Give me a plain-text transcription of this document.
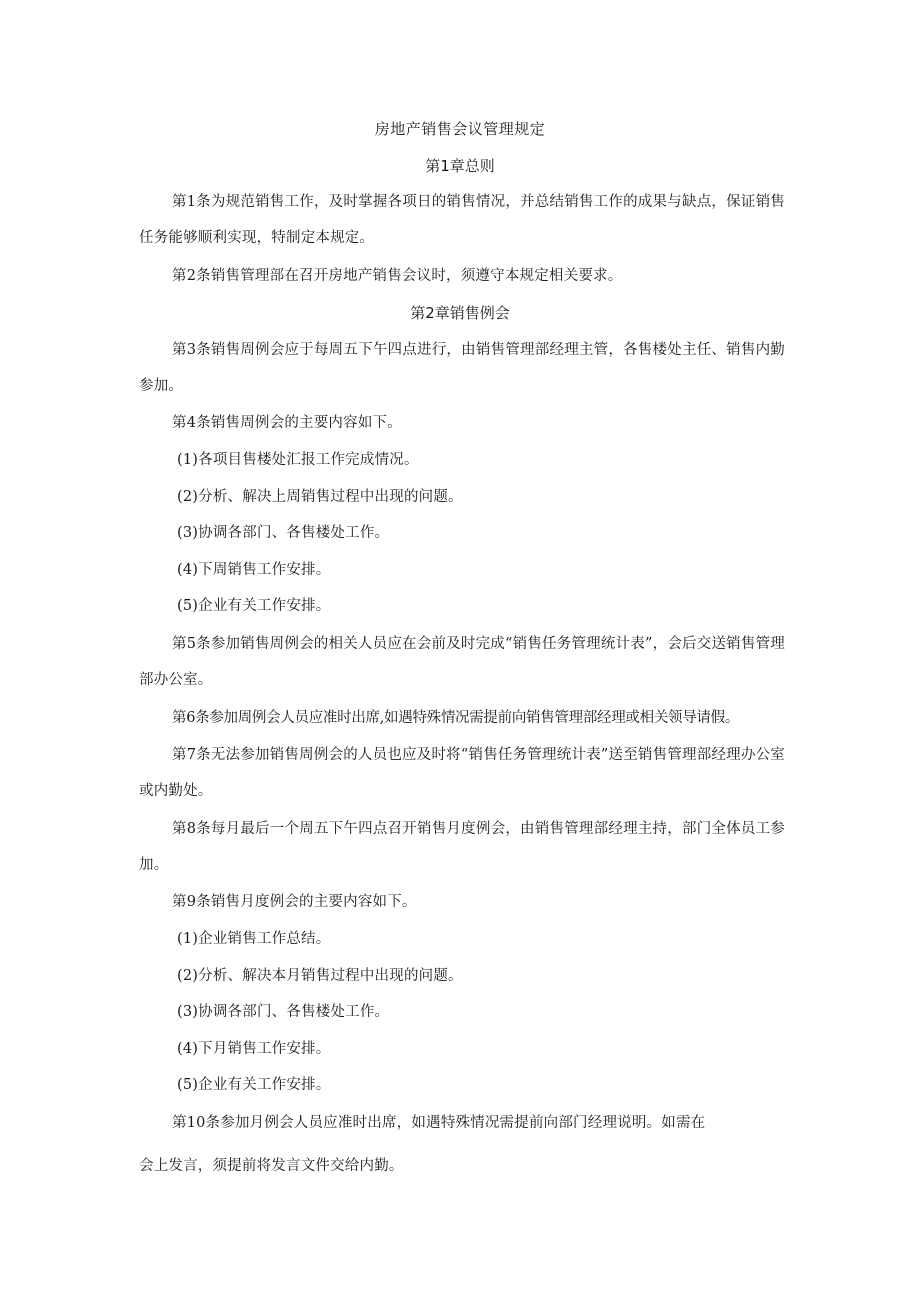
房地产销售会议管理规定
第1章总则
第1条为规范销售工作，及时掌握各项日的销售情况，并总结销售工作的成果与缺点，保证销售任务能够顺利实现，特制定本规定。
第2条销售管理部在召开房地产销售会议时，须遵守本规定相关要求。
第2章销售例会
第3条销售周例会应于每周五下午四点进行，由销售管理部经理主管，各售楼处主任、销售内勤参加。
第4条销售周例会的主要内容如下。
(1)各项目售楼处汇报工作完成情况。
(2)分析、解决上周销售过程中出现的问题。
(3)协调各部门、各售楼处工作。
(4)下周销售工作安排。
(5)企业有关工作安排。
第5条参加销售周例会的相关人员应在会前及时完成“销售任务管理统计表”，会后交送销售管理部办公室。
第6条参加周例会人员应准时出席,如遇特殊情况需提前向销售管理部经理或相关领导请假。
第7条无法参加销售周例会的人员也应及时将“销售任务管理统计表”送至销售管理部经理办公室或内勤处。
第8条每月最后一个周五下午四点召开销售月度例会，由销售管理部经理主持，部门全体员工参加。
第9条销售月度例会的主要内容如下。
(1)企业销售工作总结。
(2)分析、解决本月销售过程中出现的问题。
(3)协调各部门、各售楼处工作。
(4)下月销售工作安排。
(5)企业有关工作安排。
第10条参加月例会人员应准时出席，如遇特殊情况需提前向部门经理说明。如需在
会上发言，须提前将发言文件交给内勤。
